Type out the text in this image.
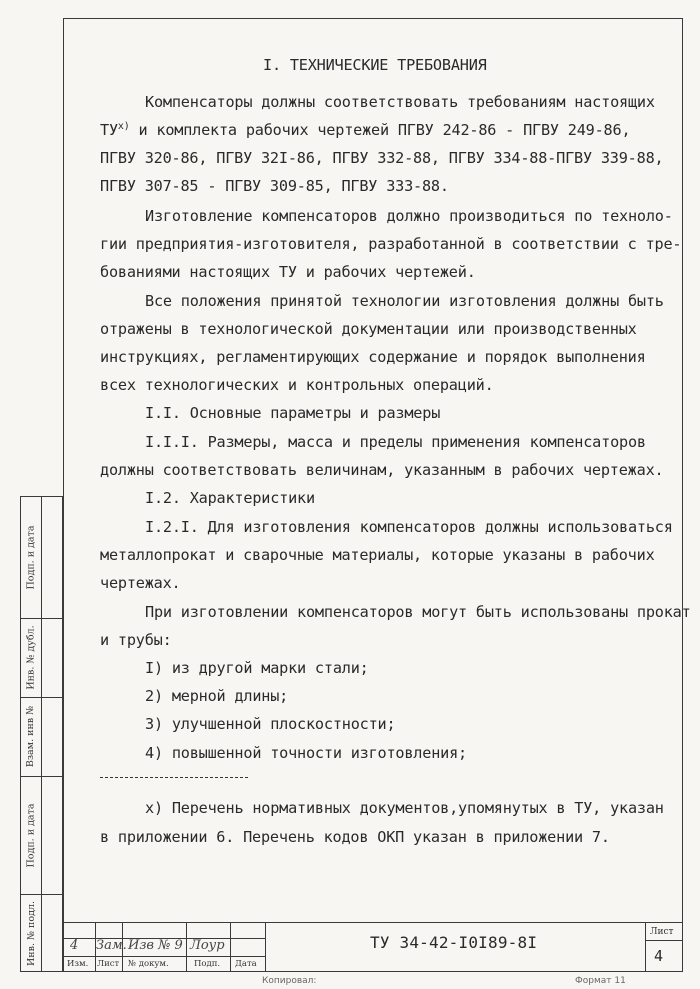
I. ТЕХНИЧЕСКИЕ ТРЕБОВАНИЯ
Компенсаторы должны соответствовать требованиям настоящих
$ТУ^{х)}$ и комплекта рабочих чертежей ПГВУ 242-86 - ПГВУ 249-86,
ПГВУ 320-86, ПГВУ 32I-86, ПГВУ 332-88, ПГВУ 334-88-ПГВУ 339-88,
ПГВУ 307-85 - ПГВУ 309-85, ПГВУ 333-88.
Изготовление компенсаторов должно производиться по техноло-
гии предприятия-изготовителя, разработанной в соответствии с тре-
бованиями настоящих ТУ и рабочих чертежей.
Все положения принятой технологии изготовления должны быть
отражены в технологической документации или производственных
инструкциях, регламентирующих содержание и порядок выполнения
всех технологических и контрольных операций.
I.I. Основные параметры и размеры
I.I.I. Размеры, масса и пределы применения компенсаторов
должны соответствовать величинам, указанным в рабочих чертежах.
I.2. Характеристики
I.2.I. Для изготовления компенсаторов должны использоваться
металлопрокат и сварочные материалы, которые указаны в рабочих
чертежах.
При изготовлении компенсаторов могут быть использованы прокат
и трубы:
I) из другой марки стали;
2) мерной длины;
3) улучшенной плоскостности;
4) повышенной точности изготовления;
х) Перечень нормативных документов,упомянутых в ТУ, указан
в приложении 6. Перечень кодов ОКП указан в приложении 7.
Подп. и дата
Инв. № дубл.
Взам. инв №
Подп. и дата
Инв. № подл.	4 Зам. Изв № 9 Лоур
Изм. Лист № докум.	Подп. Дата
ТУ 34-42-I0I89-8I
Лист
4
Копировал:	Формат 11
